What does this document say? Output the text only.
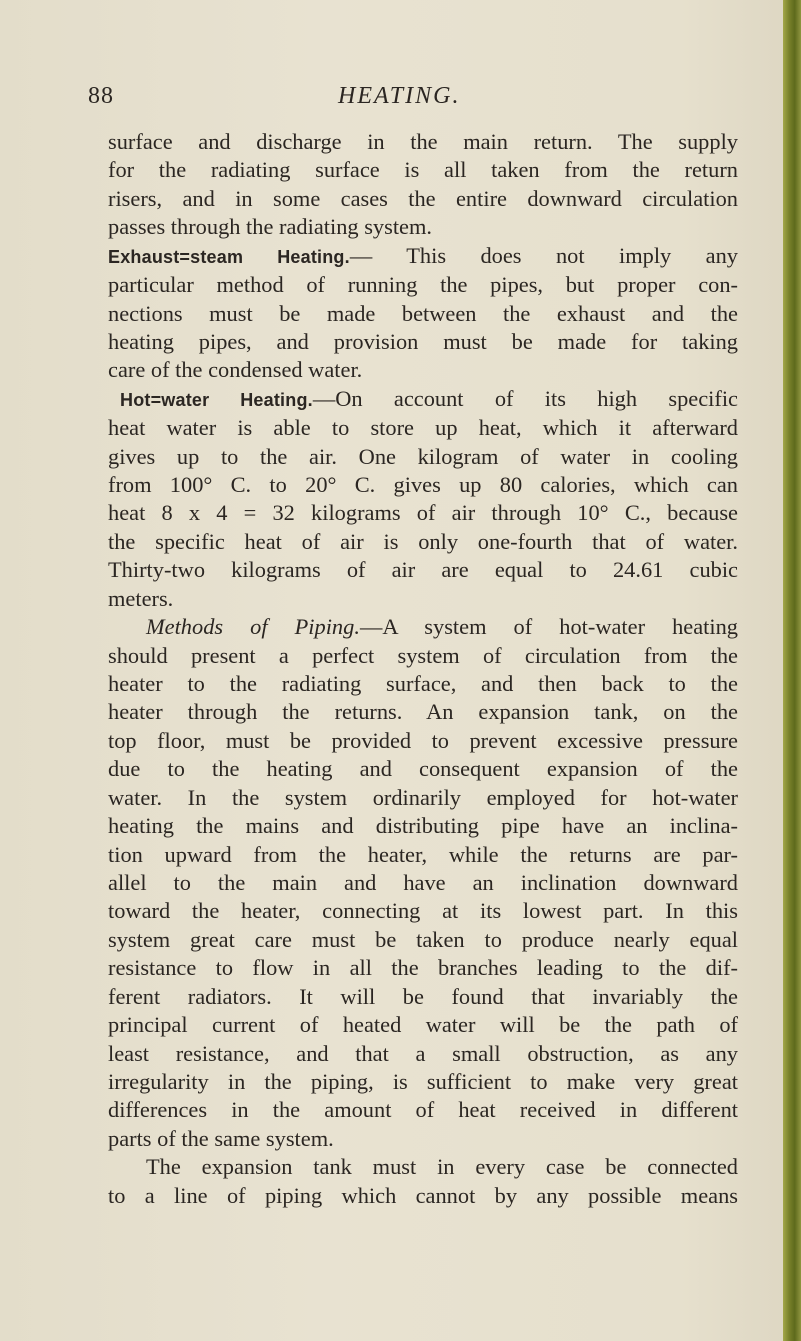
88	HEATING.
surface and discharge in the main return. The supply
for the radiating surface is all taken from the return
risers, and in some cases the entire downward circulation
passes through the radiating system.
Exhaust=steam Heating.— This does not imply any
particular method of running the pipes, but proper con-
nections must be made between the exhaust and the
heating pipes, and provision must be made for taking
care of the condensed water.
Hot=water Heating.—On account of its high specific
heat water is able to store up heat, which it afterward
gives up to the air. One kilogram of water in cooling
from 100° C. to 20° C. gives up 80 calories, which can
heat 8 x 4 = 32 kilograms of air through 10° C., because
the specific heat of air is only one-fourth that of water.
Thirty-two kilograms of air are equal to 24.61 cubic
meters.
Methods of Piping.—A system of hot-water heating
should present a perfect system of circulation from the
heater to the radiating surface, and then back to the
heater through the returns. An expansion tank, on the
top floor, must be provided to prevent excessive pressure
due to the heating and consequent expansion of the
water. In the system ordinarily employed for hot-water
heating the mains and distributing pipe have an inclina-
tion upward from the heater, while the returns are par-
allel to the main and have an inclination downward
toward the heater, connecting at its lowest part. In this
system great care must be taken to produce nearly equal
resistance to flow in all the branches leading to the dif-
ferent radiators. It will be found that invariably the
principal current of heated water will be the path of
least resistance, and that a small obstruction, as any
irregularity in the piping, is sufficient to make very great
differences in the amount of heat received in different
parts of the same system.
The expansion tank must in every case be connected
to a line of piping which cannot by any possible means
